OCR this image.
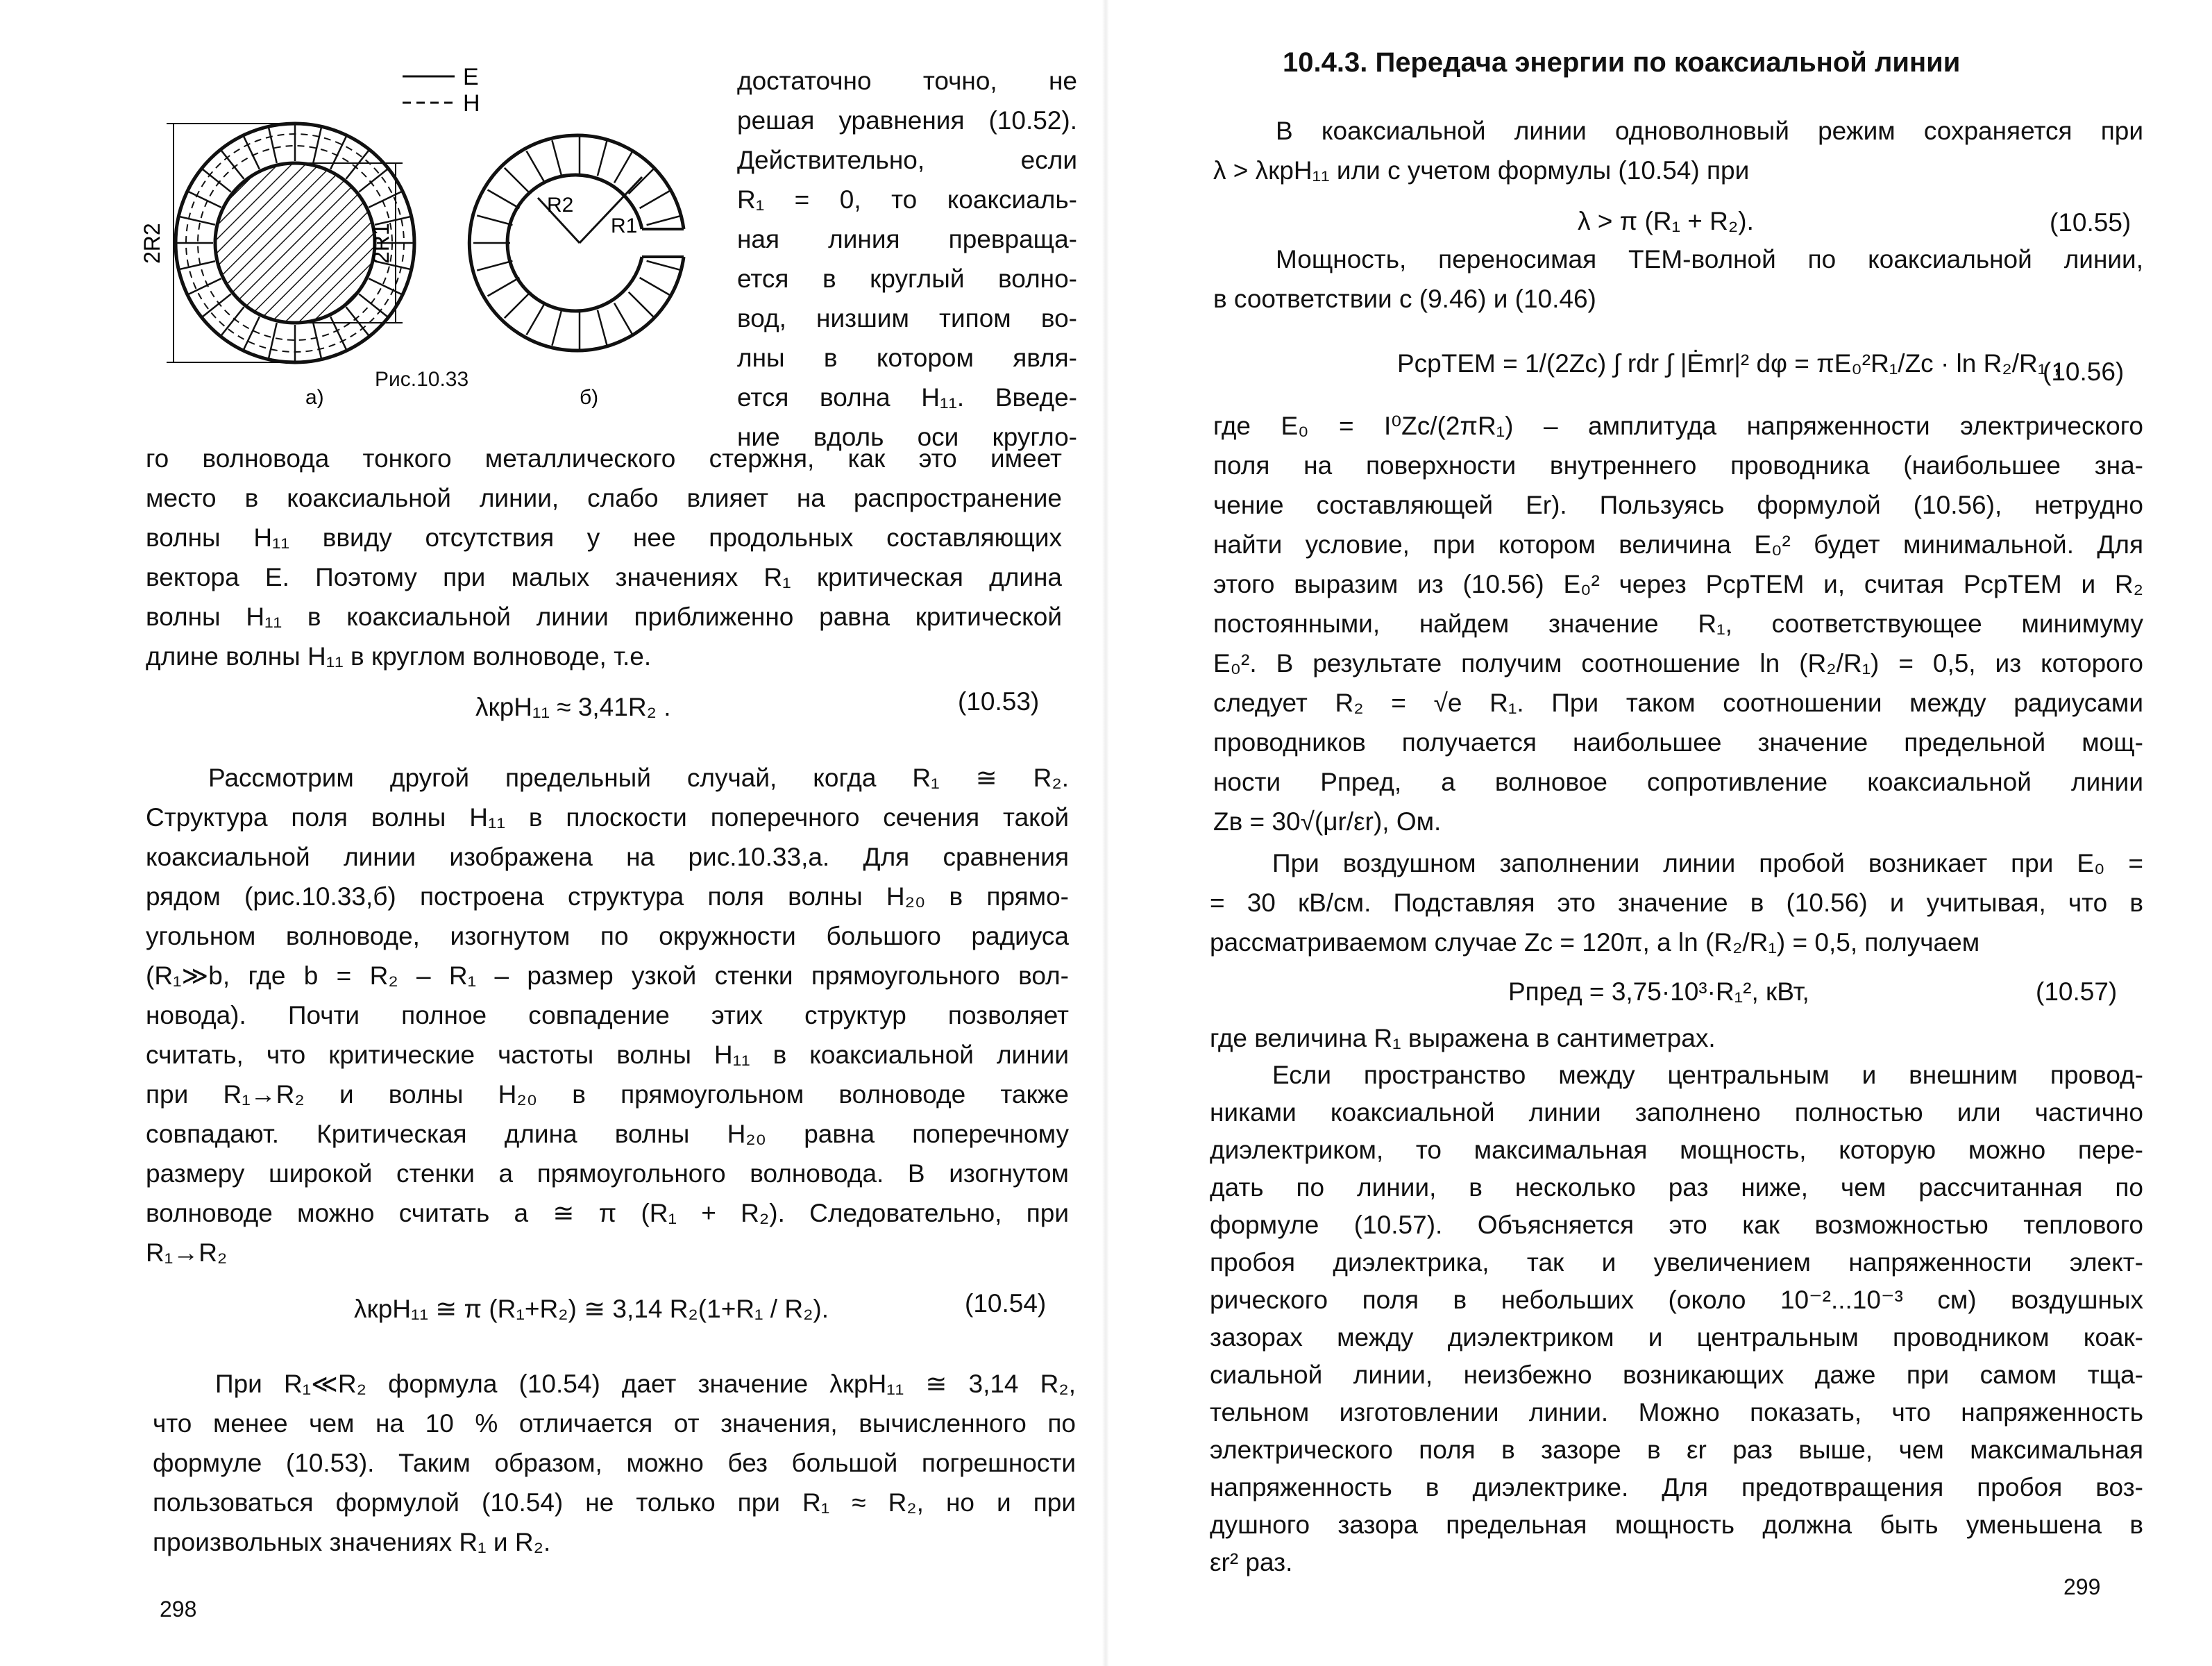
E
H
2R2	2R1
R2
R1
а)	б)
Рис.10.33
достаточно точно, не
решая уравнения (10.52).
Действительно, если
R₁ = 0, то коаксиаль-
ная линия превраща-
ется в круглый волно-
вод, низшим типом во-
лны в котором явля-
ется волна H₁₁. Введе-
ние вдоль оси кругло-
го волновода тонкого металлического стержня, как это имеет
место в коаксиальной линии, слабо влияет на распространение
волны H₁₁ ввиду отсутствия у нее продольных составляющих
вектора E. Поэтому при малых значениях R₁ критическая длина
волны H₁₁ в коаксиальной линии приближенно равна критической
длине волны H₁₁ в круглом волноводе, т.е.
λкрH₁₁ ≈ 3,41R₂ .	(10.53)
Рассмотрим другой предельный случай, когда R₁ ≅ R₂.
Структура поля волны H₁₁ в плоскости поперечного сечения такой
коаксиальной линии изображена на рис.10.33,а. Для сравнения
рядом (рис.10.33,б) построена структура поля волны H₂₀ в прямо-
угольном волноводе, изогнутом по окружности большого радиуса
(R₁≫b, где b = R₂ – R₁ – размер узкой стенки прямоугольного вол-
новода). Почти полное совпадение этих структур позволяет
считать, что критические частоты волны H₁₁ в коаксиальной линии
при R₁→R₂ и волны H₂₀ в прямоугольном волноводе также
совпадают. Критическая длина волны H₂₀ равна поперечному
размеру широкой стенки a прямоугольного волновода. В изогнутом
волноводе можно считать a ≅ π (R₁ + R₂). Следовательно, при
R₁→R₂
λкрH₁₁ ≅ π (R₁+R₂) ≅ 3,14 R₂(1+R₁ / R₂).	(10.54)
При R₁≪R₂ формула (10.54) дает значение λкрH₁₁ ≅ 3,14 R₂,
что менее чем на 10 % отличается от значения, вычисленного по
формуле (10.53). Таким образом, можно без большой погрешности
пользоваться формулой (10.54) не только при R₁ ≈ R₂, но и при
произвольных значениях R₁ и R₂.
298
10.4.3. Передача энергии по коаксиальной линии
В коаксиальной линии одноволновый режим сохраняется при
λ > λкрH₁₁ или с учетом формулы (10.54) при
λ > π (R₁ + R₂).	(10.55)
Мощность, переносимая TEM-волной по коаксиальной линии,
в соответствии с (9.46) и (10.46)
PсрTEM = 1/(2Zc) ∫ rdr ∫ |Ėmr|² dφ = πE₀²R₁/Zc · ln R₂/R₁ ,
(10.56)
где E₀ = I⁰Zc/(2πR₁) – амплитуда напряженности электрического
поля на поверхности внутреннего проводника (наибольшее зна-
чение составляющей Er). Пользуясь формулой (10.56), нетрудно
найти условие, при котором величина E₀² будет минимальной. Для
этого выразим из (10.56) E₀² через PсрTEM и, считая PсрTEM и R₂
постоянными, найдем значение R₁, соответствующее минимуму
E₀². В результате получим соотношение ln (R₂/R₁) = 0,5, из которого
следует R₂ = √e R₁. При таком соотношении между радиусами
проводников получается наибольшее значение предельной мощ-
ности Pпред, а волновое сопротивление коаксиальной линии
Zв = 30√(μr/εr), Ом.
При воздушном заполнении линии пробой возникает при E₀ =
= 30 кВ/см. Подставляя это значение в (10.56) и учитывая, что в
рассматриваемом случае Zc = 120π, а ln (R₂/R₁) = 0,5, получаем
Pпред = 3,75·10³·R₁², кВт,	(10.57)
где величина R₁ выражена в сантиметрах.
Если пространство между центральным и внешним провод-
никами коаксиальной линии заполнено полностью или частично
диэлектриком, то максимальная мощность, которую можно пере-
дать по линии, в несколько раз ниже, чем рассчитанная по
формуле (10.57). Объясняется это как возможностью теплового
пробоя диэлектрика, так и увеличением напряженности элект-
рического поля в небольших (около 10⁻²...10⁻³ см) воздушных
зазорах между диэлектриком и центральным проводником коак-
сиальной линии, неизбежно возникающих даже при самом тща-
тельном изготовлении линии. Можно показать, что напряженность
электрического поля в зазоре в εr раз выше, чем максимальная
напряженность в диэлектрике. Для предотвращения пробоя воз-
душного зазора предельная мощность должна быть уменьшена в
εr² раз.
299
